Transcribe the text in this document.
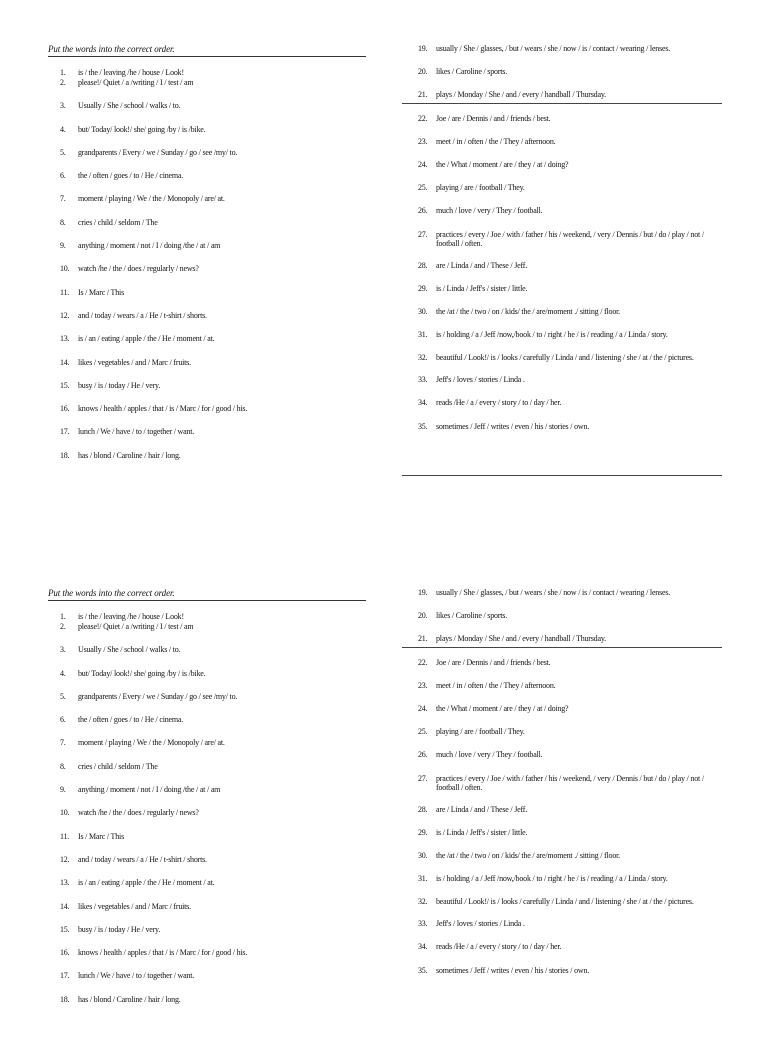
Put the words into the correct order.
1.	is / the / leaving /he / house / Look!
2.	please!/ Quiet / a /writing / I / test / am
3.	Usually / She / school / walks / to.
4.	but/ Today/ look!/ she/ going /by / is /bike.
5.	grandparents / Every / we / Sunday / go / see /my/ to.
6.	the / often / goes / to / He / cinema.
7.	moment / playing / We / the / Monopoly / are/ at.
8.	cries / child / seldom / The
9.	anything / moment / not / I / doing /the / at / am
10.	watch /he / the / does / regularly / news?
11.	Is / Marc / This
12.	and / today / wears / a / He / t-shirt / shorts.
13.	is / an / eating / apple / the / He / moment / at.
14.	likes / vegetables / and / Marc / fruits.
15.	busy / is / today / He / very.
16.	knows / health / apples / that / is / Marc / for / good / his.
17.	lunch / We / have / to / together / want.
18.	has / blond / Caroline / hair / long.
19.	usually / She / glasses, / but / wears / she / now / is / contact / wearing / lenses.
20.	likes / Caroline / sports.
21.	plays / Monday / She / and / every / handball / Thursday.
22.	Joe / are / Dennis / and / friends / best.
23.	meet / in / often / the / They / afternoon.
24.	the / What / moment / are / they / at / doing?
25.	playing / are / football / They.
26.	much / love / very / They / football.
27.	practices / every / Joe / with / father / his / weekend, / very / Dennis / but / do / play / not / football / often.
28.	are / Linda / and / These / Jeff.
29.	is / Linda / Jeff's / sister / little.
30.	the /at / the / two / on / kids/ the / are/moment ./ sitting / floor.
31.	is / holding / a / Jeff /now,/book / to / right / he / is / reading / a / Linda / story.
32.	beautiful / Look!/ is / looks / carefully / Linda / and / listening / she / at / the / pictures.
33.	Jeff's / loves / stories / Linda .
34.	reads /He / a / every / story / to / day / her.
35.	sometimes / Jeff / writes / even / his / stories / own.
Put the words into the correct order.
1.	is / the / leaving /he / house / Look!
2.	please!/ Quiet / a /writing / I / test / am
3.	Usually / She / school / walks / to.
4.	but/ Today/ look!/ she/ going /by / is /bike.
5.	grandparents / Every / we / Sunday / go / see /my/ to.
6.	the / often / goes / to / He / cinema.
7.	moment / playing / We / the / Monopoly / are/ at.
8.	cries / child / seldom / The
9.	anything / moment / not / I / doing /the / at / am
10.	watch /he / the / does / regularly / news?
11.	Is / Marc / This
12.	and / today / wears / a / He / t-shirt / shorts.
13.	is / an / eating / apple / the / He / moment / at.
14.	likes / vegetables / and / Marc / fruits.
15.	busy / is / today / He / very.
16.	knows / health / apples / that / is / Marc / for / good / his.
17.	lunch / We / have / to / together / want.
18.	has / blond / Caroline / hair / long.
19.	usually / She / glasses, / but / wears / she / now / is / contact / wearing / lenses.
20.	likes / Caroline / sports.
21.	plays / Monday / She / and / every / handball / Thursday.
22.	Joe / are / Dennis / and / friends / best.
23.	meet / in / often / the / They / afternoon.
24.	the / What / moment / are / they / at / doing?
25.	playing / are / football / They.
26.	much / love / very / They / football.
27.	practices / every / Joe / with / father / his / weekend, / very / Dennis / but / do / play / not / football / often.
28.	are / Linda / and / These / Jeff.
29.	is / Linda / Jeff's / sister / little.
30.	the /at / the / two / on / kids/ the / are/moment ./ sitting / floor.
31.	is / holding / a / Jeff /now,/book / to / right / he / is / reading / a / Linda / story.
32.	beautiful / Look!/ is / looks / carefully / Linda / and / listening / she / at / the / pictures.
33.	Jeff's / loves / stories / Linda .
34.	reads /He / a / every / story / to / day / her.
35.	sometimes / Jeff / writes / even / his / stories / own.
